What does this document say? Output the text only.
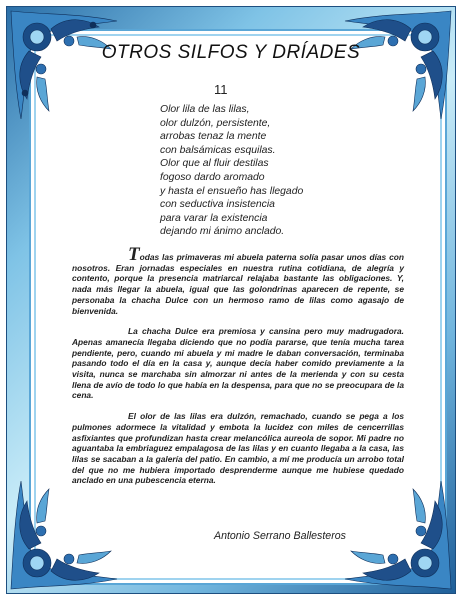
OTROS SILFOS Y DRÍADES
11
Olor lila de las lilas,
olor dulzón, persistente,
arrobas tenaz la mente
con balsámicas esquilas.
Olor que al fluir destilas
fogoso dardo aromado
y hasta el ensueño has llegado
con seductiva insistencia
para varar la existencia
dejando mi ánimo anclado.

Todas las primaveras mi abuela paterna solía pasar unos días con nosotros. Eran jornadas especiales en nuestra rutina cotidiana, de alegría y contento, porque la presencia matriarcal relajaba bastante las obligaciones. Y, nada más llegar la abuela, igual que las golondrinas aparecen de repente, se personaba la chacha Dulce con un hermoso ramo de lilas como agasajo de bienvenida.

La chacha Dulce era premiosa y cansina pero muy madrugadora. Apenas amanecía llegaba diciendo que no podía pararse, que tenía mucha tarea pendiente, pero, cuando mi abuela y mi madre le daban conversación, terminaba pasando todo el día en la casa y, aunque decía haber comido previamente a la visita, nunca se marchaba sin almorzar ni antes de la merienda y con su cesta llena de avío de todo lo que había en la despensa, para que no se preocupara de la cena.

El olor de las lilas era dulzón, remachado, cuando se pega a los pulmones adormece la vitalidad y embota la lucidez con miles de cencerrillas asfixiantes que profundizan hasta crear melancólica aureola de sopor. Mi padre no aguantaba la embriaguez empalagosa de las lilas y en cuanto llegaba a la casa, las lilas se sacaban a la galería del patio. En cambio, a mí me producía un arrobo total del que no me hubiera importado desprenderme aunque me hubiese quedado anclado en una pubescencia eterna.

Antonio Serrano Ballesteros
